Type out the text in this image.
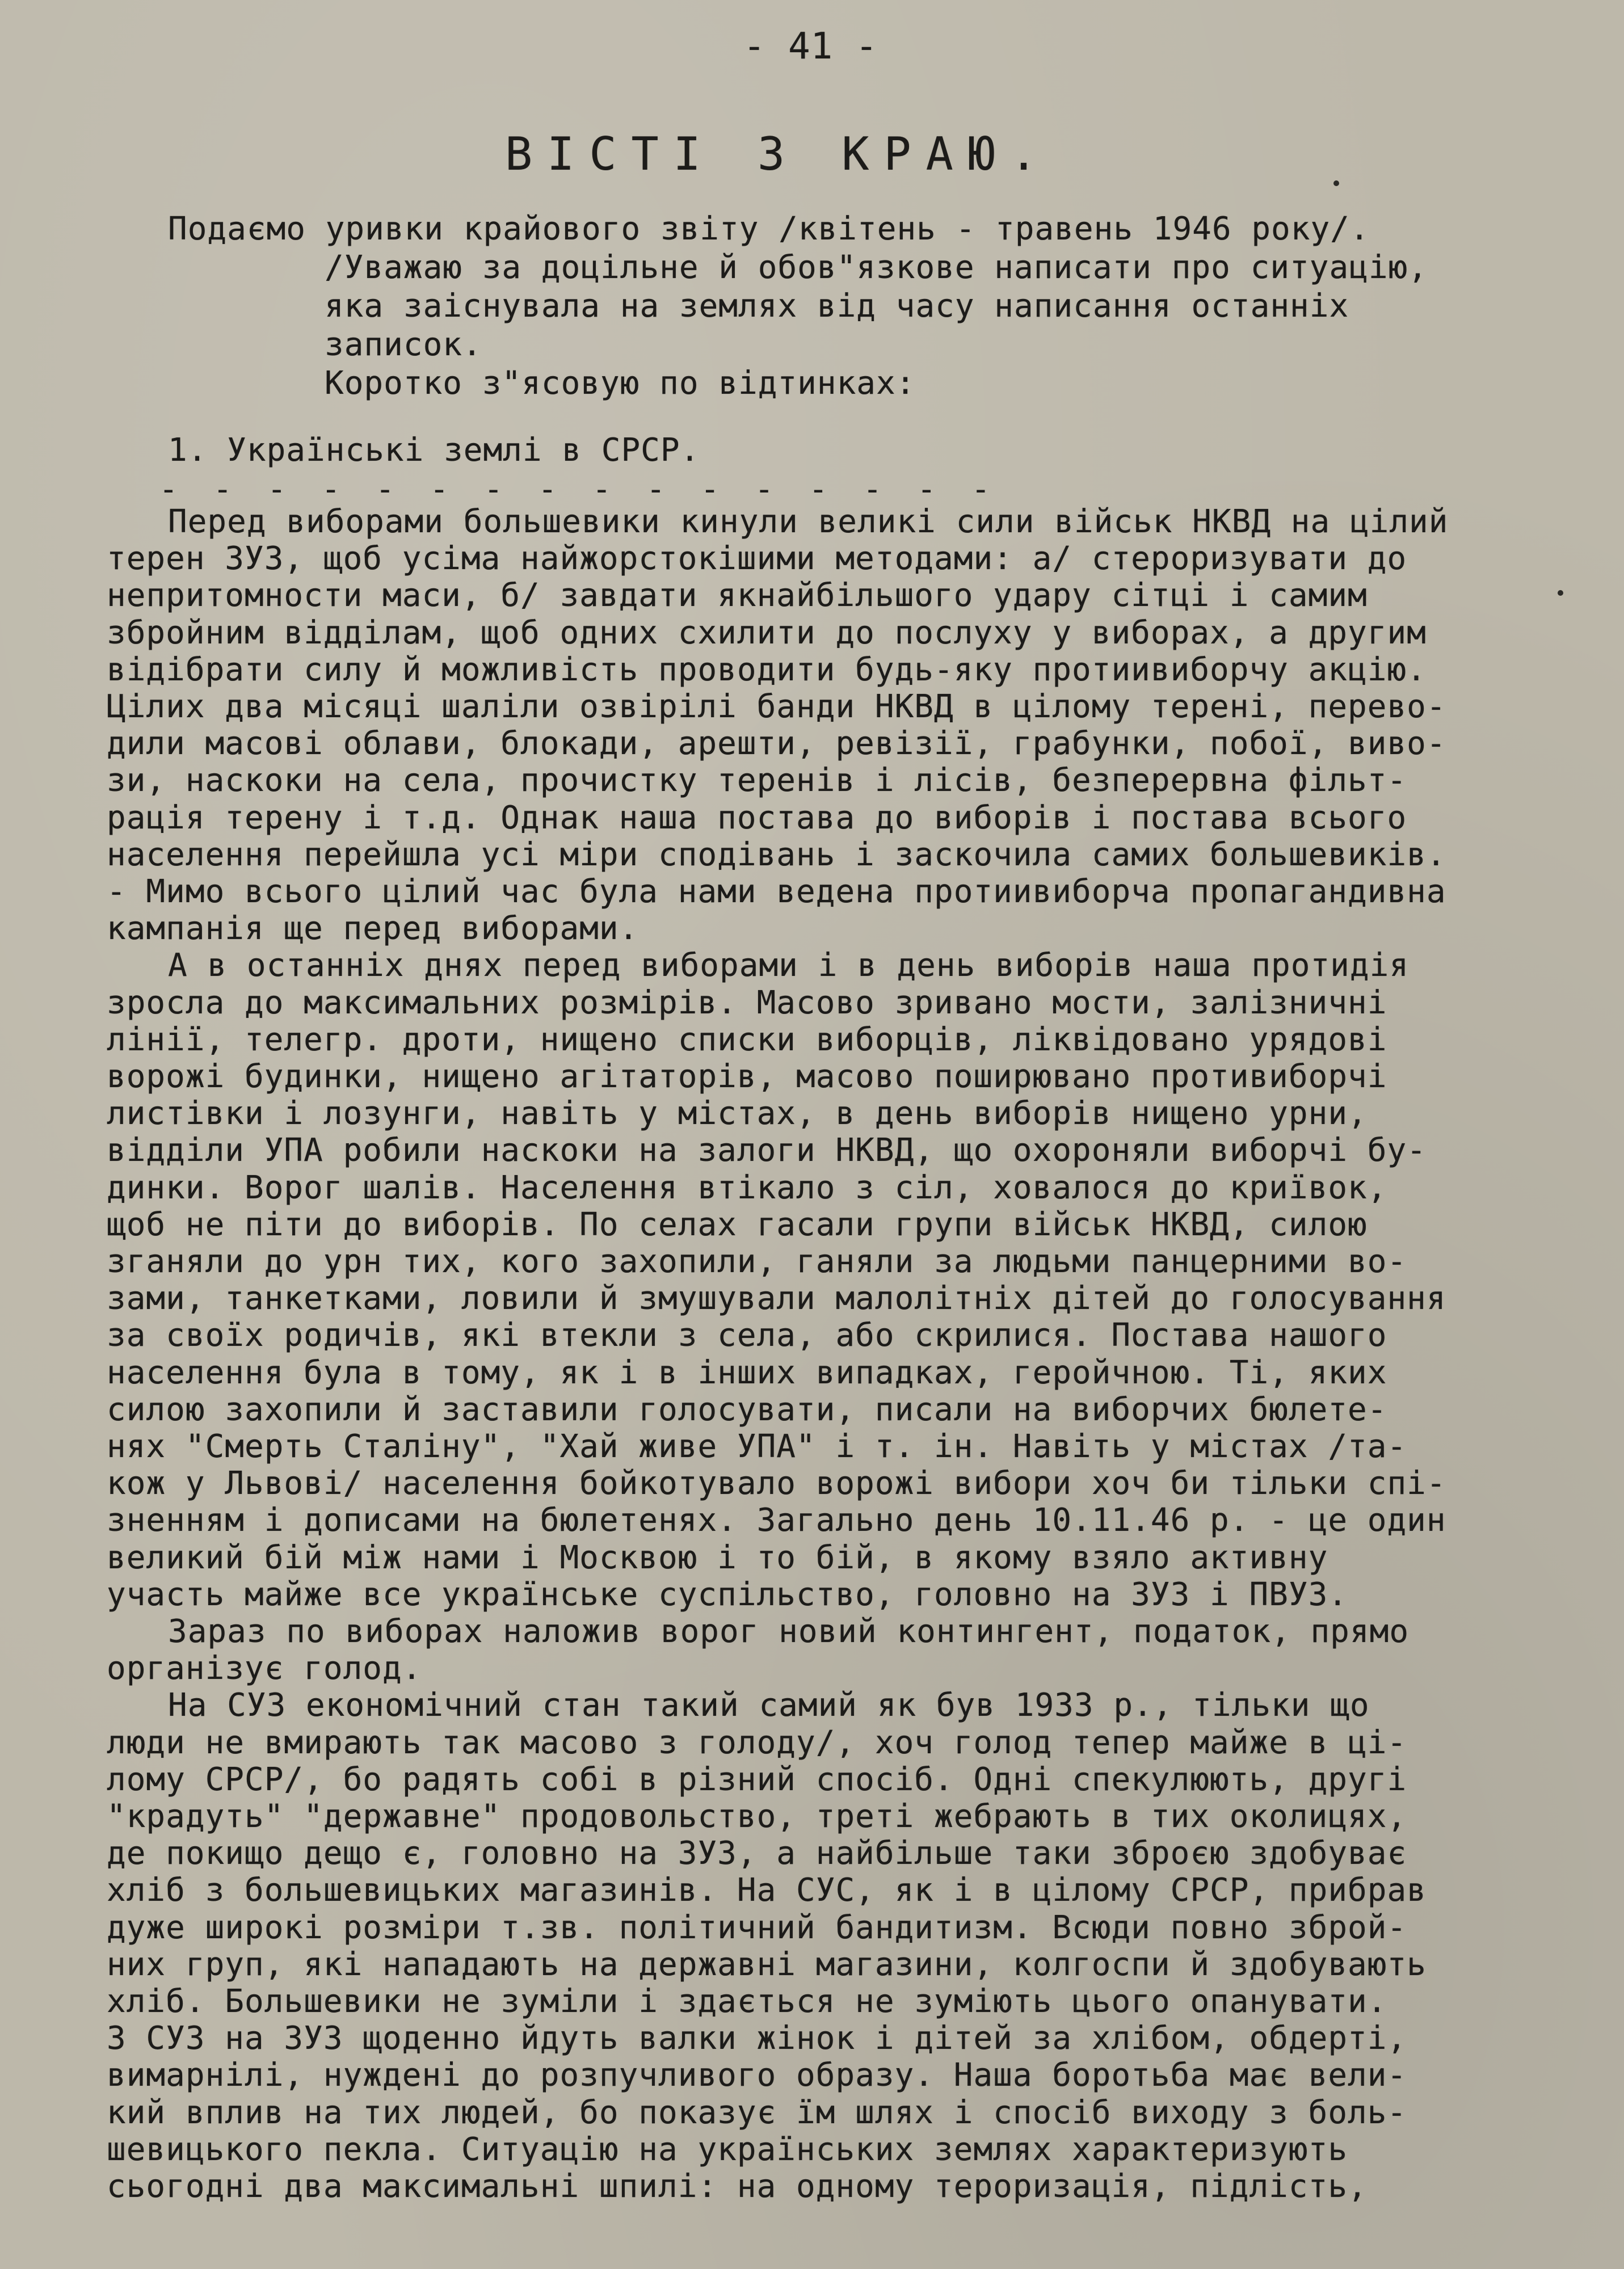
- 41 -
ВІСТІ З КРАЮ.
Подаємо уривки крайового звіту /квітень - травень 1946 року/.
/Уважаю за доцільне й обов"язкове написати про ситуацію,
яка заіснувала на землях від часу написання останніх
записок.
Коротко з"ясовую по відтинках:
1. Українські землі в СРСР.
- - - - - - - - - - - - - - - -
Перед виборами большевики кинули великі сили військ НКВД на цілий
терен ЗУЗ, щоб усіма найжорстокішими методами: а/ стероризувати до
непритомности маси, б/ завдати якнайбільшого удару сітці і самим
збройним відділам, щоб одних схилити до послуху у виборах, а другим
відібрати силу й можливість проводити будь-яку протиивиборчу акцію.
Цілих два місяці шаліли озвірілі банди НКВД в цілому терені, перево-
дили масові облави, блокади, арешти, ревізії, грабунки, побої, виво-
зи, наскоки на села, прочистку теренів і лісів, безперервна фільт-
рація терену і т.д. Однак наша постава до виборів і постава всього
населення перейшла усі міри сподівань і заскочила самих большевиків.
- Мимо всього цілий час була нами ведена протиивиборча пропагандивна
кампанія ще перед виборами.
А в останніх днях перед виборами і в день виборів наша протидія
зросла до максимальних розмірів. Масово зривано мости, залізничні
лінії, телегр. дроти, нищено списки виборців, ліквідовано урядові
ворожі будинки, нищено агітаторів, масово поширювано противиборчі
листівки і лозунги, навіть у містах, в день виборів нищено урни,
відділи УПА робили наскоки на залоги НКВД, що охороняли виборчі бу-
динки. Ворог шалів. Населення втікало з сіл, ховалося до криївок,
щоб не піти до виборів. По селах гасали групи військ НКВД, силою
зганяли до урн тих, кого захопили, ганяли за людьми панцерними во-
зами, танкетками, ловили й змушували малолітніх дітей до голосування
за своїх родичів, які втекли з села, або скрилися. Постава нашого
населення була в тому, як і в інших випадках, геройчною. Ті, яких
силою захопили й заставили голосувати, писали на виборчих бюлете-
нях "Смерть Сталіну", "Хай живе УПА" і т. ін. Навіть у містах /та-
кож у Львові/ населення бойкотувало ворожі вибори хоч би тільки спі-
зненням і дописами на бюлетенях. Загально день 10.11.46 р. - це один
великий бій між нами і Москвою і то бій, в якому взяло активну
участь майже все українське суспільство, головно на ЗУЗ і ПВУЗ.
Зараз по виборах наложив ворог новий контингент, податок, прямо
організує голод.
На СУЗ економічний стан такий самий як був 1933 р., тільки що
люди не вмирають так масово з голоду/, хоч голод тепер майже в ці-
лому СРСР/, бо радять собі в різний спосіб. Одні спекулюють, другі
"крадуть" "державне" продовольство, треті жебрають в тих околицях,
де покищо дещо є, головно на ЗУЗ, а найбільше таки зброєю здобуває
хліб з большевицьких магазинів. На СУС, як і в цілому СРСР, прибрав
дуже широкі розміри т.зв. політичний бандитизм. Всюди повно збрoй-
них груп, які нападають на державні магазини, колгоспи й здобувають
хліб. Большевики не зуміли і здається не зуміють цього опанувати.
З СУЗ на ЗУЗ щоденно йдуть валки жінок і дітей за хлібом, обдерті,
вимарнілі, нуждені до розпучливого образу. Наша боротьба має вели-
кий вплив на тих людей, бо показує їм шлях і спосіб виходу з боль-
шевицького пекла. Ситуацію на українських землях характеризують
сьогодні два максимальні шпилі: на одному тероризація, підлість,
